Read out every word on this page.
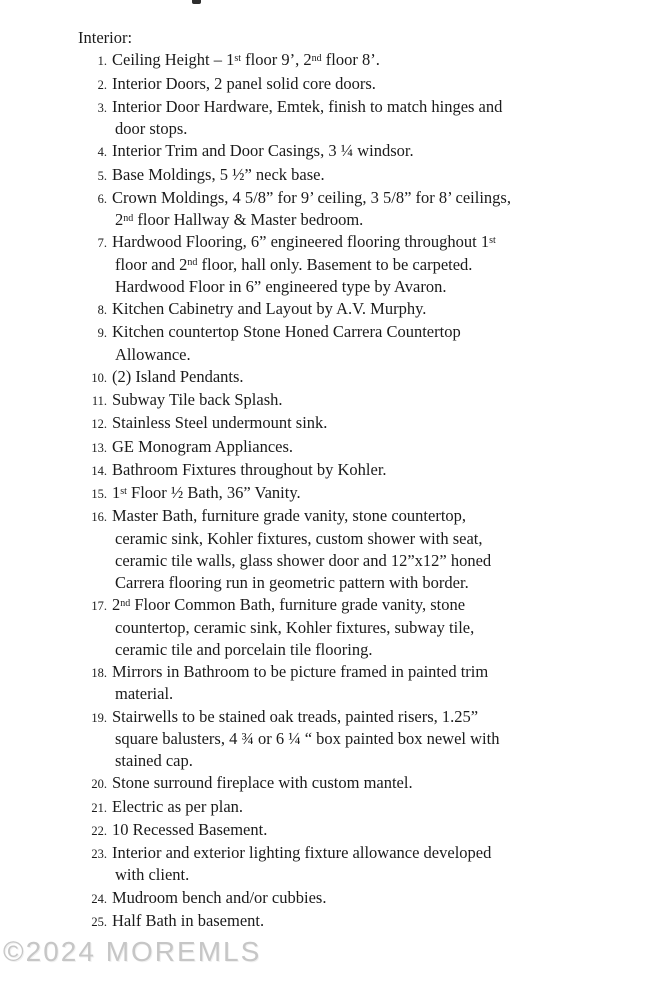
Interior:
1. Ceiling Height – 1st floor 9’, 2nd floor 8’.
2. Interior Doors, 2 panel solid core doors.
3. Interior Door Hardware, Emtek, finish to match hinges and
door stops.
4. Interior Trim and Door Casings, 3 ¼ windsor.
5. Base Moldings, 5 ½” neck base.
6. Crown Moldings, 4 5/8” for 9’ ceiling, 3 5/8” for 8’ ceilings,
2nd floor Hallway & Master bedroom.
7. Hardwood Flooring, 6” engineered flooring throughout 1st
floor and 2nd floor, hall only. Basement to be carpeted.
Hardwood Floor in 6” engineered type by Avaron.
8. Kitchen Cabinetry and Layout by A.V. Murphy.
9. Kitchen countertop Stone Honed Carrera Countertop
Allowance.
10. (2) Island Pendants.
11. Subway Tile back Splash.
12. Stainless Steel undermount sink.
13. GE Monogram Appliances.
14. Bathroom Fixtures throughout by Kohler.
15. 1st Floor ½ Bath, 36” Vanity.
16. Master Bath, furniture grade vanity, stone countertop,
ceramic sink, Kohler fixtures, custom shower with seat,
ceramic tile walls, glass shower door and 12”x12” honed
Carrera flooring run in geometric pattern with border.
17. 2nd Floor Common Bath, furniture grade vanity, stone
countertop, ceramic sink, Kohler fixtures, subway tile,
ceramic tile and porcelain tile flooring.
18. Mirrors in Bathroom to be picture framed in painted trim
material.
19. Stairwells to be stained oak treads, painted risers, 1.25”
square balusters, 4 ¾ or 6 ¼ “ box painted box newel with
stained cap.
20. Stone surround fireplace with custom mantel.
21. Electric as per plan.
22. 10 Recessed Basement.
23. Interior and exterior lighting fixture allowance developed
with client.
24. Mudroom bench and/or cubbies.
25. Half Bath in basement.
©2024 MOREMLS
